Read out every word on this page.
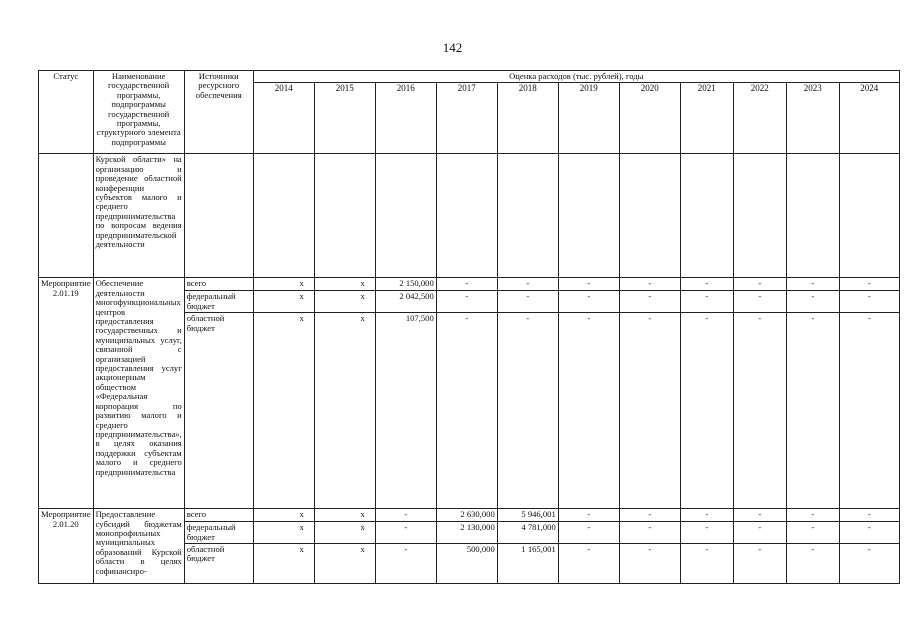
142
Статус	Наименование государственной программы, подпрограммы государственной программы, структурного элемента подпрограммы	Источники ресурсного обеспечения	Оценка расходов (тыс. рублей), годы										
			2014	2015	2016	2017	2018	2019	2020	2021	2022	2023	2024
	Курской области» на организацию и проведение областной конференции субъектов малого и среднего предпринимательства по вопросам ведения предпринимательской деятельности												
Мероприятие 2.01.19	Обеспечение деятельности многофункциональных центров предоставления государственных и муниципальных услуг, связанной с организацией предоставления услуг акционерным обществом «Федеральная корпорация по развитию малого и среднего предпринимательства», в целях оказания поддержки субъектам малого и среднего предпринимательства	всего	x	x	2 150,000	-	-	-	-	-	-	-	-
		федеральный бюджет	x	x	2 042,500	-	-	-	-	-	-	-	-
		областной бюджет	x	x	107,500	-	-	-	-	-	-	-	-
Мероприятие 2.01.20	Предоставление субсидий бюджетам монопрофильных муниципальных образований Курской области в целях софинансиро-	всего	x	x	-	2 630,000	5 946,001	-	-	-	-	-	-
		федеральный бюджет	x	x	-	2 130,000	4 781,000	-	-	-	-	-	-
		областной бюджет	x	x	-	500,000	1 165,001	-	-	-	-	-	-
